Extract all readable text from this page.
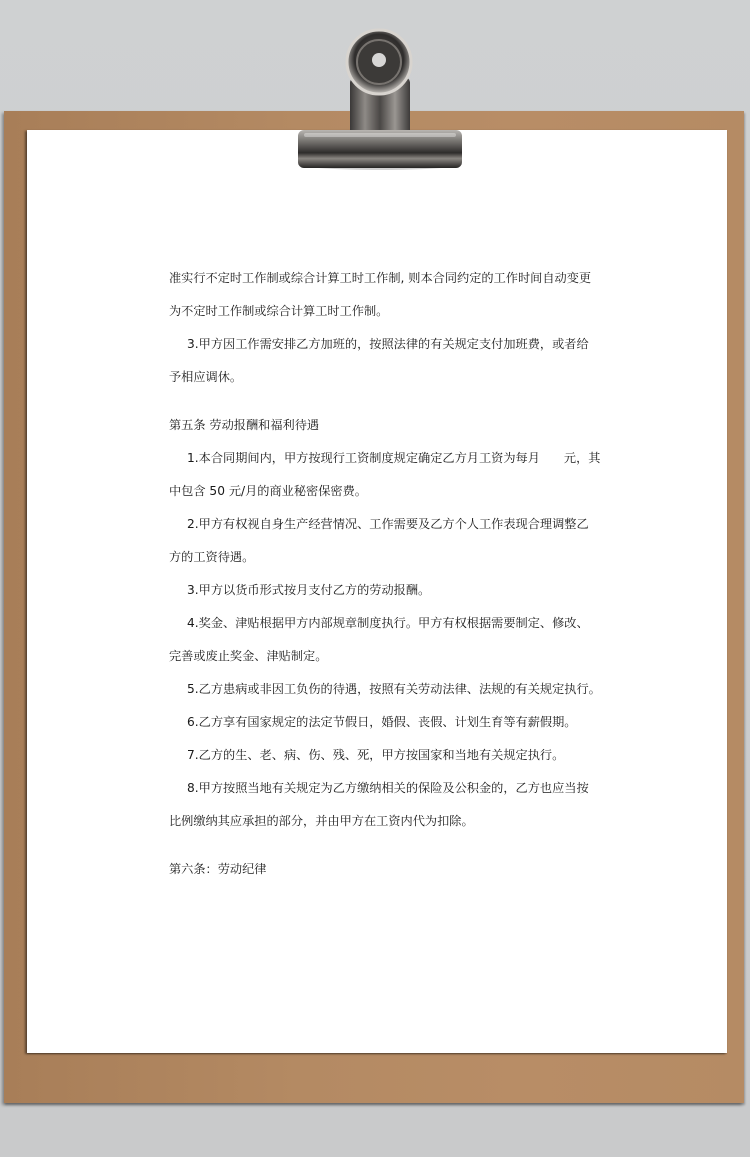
准实行不定时工作制或综合计算工时工作制, 则本合同约定的工作时间自动变更

为不定时工作制或综合计算工时工作制。

3.甲方因工作需安排乙方加班的，按照法律的有关规定支付加班费，或者给

予相应调休。

第五条 劳动报酬和福利待遇

1.本合同期间内，甲方按现行工资制度规定确定乙方月工资为每月 元，其

中包含 50 元/月的商业秘密保密费。

2.甲方有权视自身生产经营情况、工作需要及乙方个人工作表现合理调整乙

方的工资待遇。

3.甲方以货币形式按月支付乙方的劳动报酬。

4.奖金、津贴根据甲方内部规章制度执行。甲方有权根据需要制定、修改、

完善或废止奖金、津贴制定。

5.乙方患病或非因工负伤的待遇，按照有关劳动法律、法规的有关规定执行。

6.乙方享有国家规定的法定节假日，婚假、丧假、计划生育等有薪假期。

7.乙方的生、老、病、伤、残、死，甲方按国家和当地有关规定执行。

8.甲方按照当地有关规定为乙方缴纳相关的保险及公积金的，乙方也应当按

比例缴纳其应承担的部分，并由甲方在工资内代为扣除。

第六条：劳动纪律
